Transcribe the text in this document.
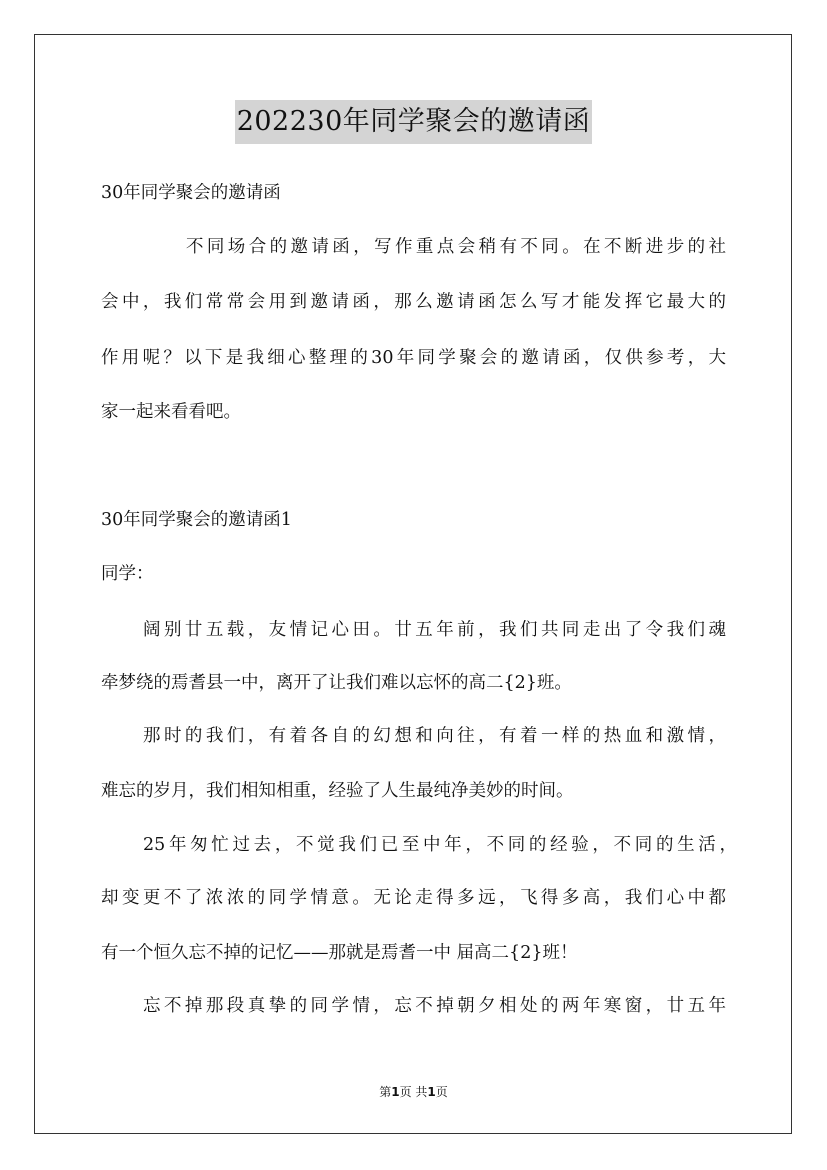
202230年同学聚会的邀请函
30年同学聚会的邀请函
不同场合的邀请函，写作重点会稍有不同。在不断进步的社
会中，我们常常会用到邀请函，那么邀请函怎么写才能发挥它最大的
作用呢？以下是我细心整理的30年同学聚会的邀请函，仅供参考，大
家一起来看看吧。
30年同学聚会的邀请函1
同学：
阔别廿五载，友情记心田。廿五年前，我们共同走出了令我们魂
牵梦绕的焉耆县一中，离开了让我们难以忘怀的高二{2}班。
那时的我们，有着各自的幻想和向往，有着一样的热血和激情，
难忘的岁月，我们相知相重，经验了人生最纯净美妙的时间。
25年匆忙过去，不觉我们已至中年，不同的经验，不同的生活，
却变更不了浓浓的同学情意。无论走得多远，飞得多高，我们心中都
有一个恒久忘不掉的记忆——那就是焉耆一中 届高二{2}班！
忘不掉那段真挚的同学情，忘不掉朝夕相处的两年寒窗，廿五年
第1页 共1页
